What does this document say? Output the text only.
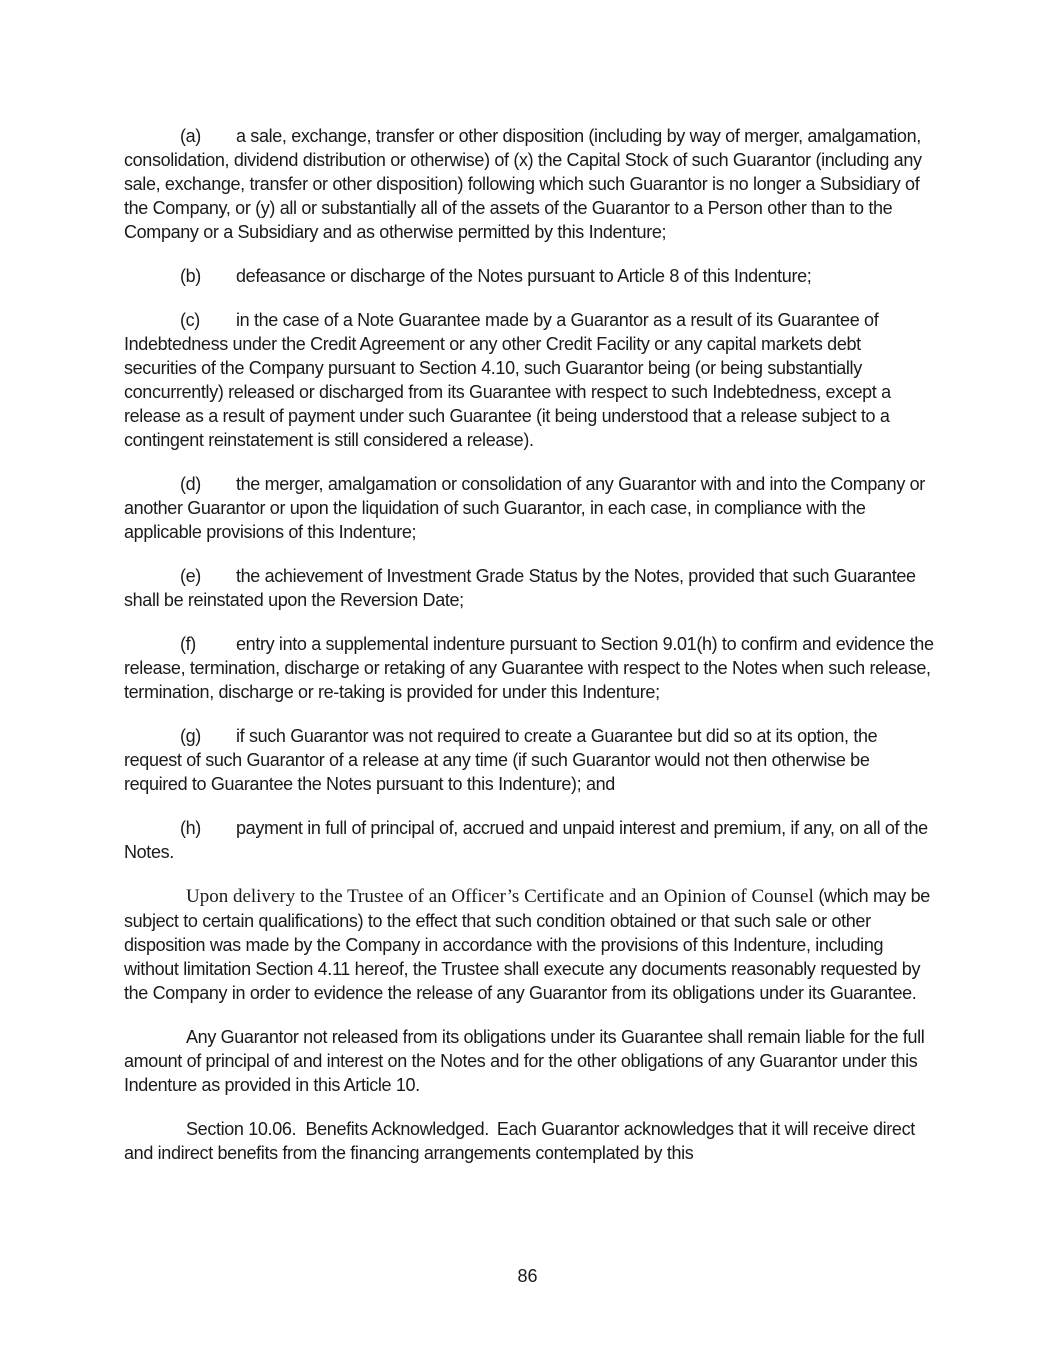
(a) a sale, exchange, transfer or other disposition (including by way of merger, amalgamation, consolidation, dividend distribution or otherwise) of (x) the Capital Stock of such Guarantor (including any sale, exchange, transfer or other disposition) following which such Guarantor is no longer a Subsidiary of the Company, or (y) all or substantially all of the assets of the Guarantor to a Person other than to the Company or a Subsidiary and as otherwise permitted by this Indenture;

(b) defeasance or discharge of the Notes pursuant to Article 8 of this Indenture;

(c) in the case of a Note Guarantee made by a Guarantor as a result of its Guarantee of Indebtedness under the Credit Agreement or any other Credit Facility or any capital markets debt securities of the Company pursuant to Section 4.10, such Guarantor being (or being substantially concurrently) released or discharged from its Guarantee with respect to such Indebtedness, except a release as a result of payment under such Guarantee (it being understood that a release subject to a contingent reinstatement is still considered a release).

(d) the merger, amalgamation or consolidation of any Guarantor with and into the Company or another Guarantor or upon the liquidation of such Guarantor, in each case, in compliance with the applicable provisions of this Indenture;

(e) the achievement of Investment Grade Status by the Notes, provided that such Guarantee shall be reinstated upon the Reversion Date;

(f) entry into a supplemental indenture pursuant to Section 9.01(h) to confirm and evidence the release, termination, discharge or retaking of any Guarantee with respect to the Notes when such release, termination, discharge or re-taking is provided for under this Indenture;

(g) if such Guarantor was not required to create a Guarantee but did so at its option, the request of such Guarantor of a release at any time (if such Guarantor would not then otherwise be required to Guarantee the Notes pursuant to this Indenture); and

(h) payment in full of principal of, accrued and unpaid interest and premium, if any, on all of the Notes.

Upon delivery to the Trustee of an Officer’s Certificate and an Opinion of Counsel (which may be subject to certain qualifications) to the effect that such condition obtained or that such sale or other disposition was made by the Company in accordance with the provisions of this Indenture, including without limitation Section 4.11 hereof, the Trustee shall execute any documents reasonably requested by the Company in order to evidence the release of any Guarantor from its obligations under its Guarantee.

Any Guarantor not released from its obligations under its Guarantee shall remain liable for the full amount of principal of and interest on the Notes and for the other obligations of any Guarantor under this Indenture as provided in this Article 10.

Section 10.06.  Benefits Acknowledged. Each Guarantor acknowledges that it will receive direct and indirect benefits from the financing arrangements contemplated by this

86
